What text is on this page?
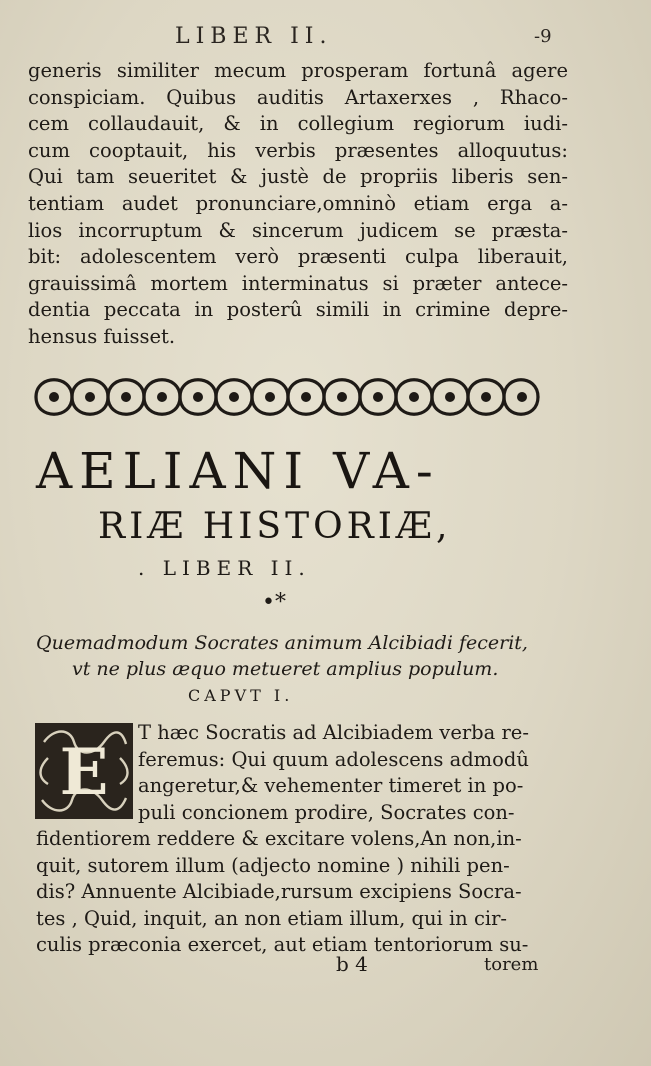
LIBER II.	-9
generis similiter mecum prosperam fortunâ agere
conspiciam. Quibus auditis Artaxerxes , Rhaco-
cem collaudauit, & in collegium regiorum iudi-
cum cooptauit, his verbis præsentes alloquutus:
Qui tam seueritet & justè de propriis liberis sen-
tentiam audet pronunciare,omninò etiam erga a-
lios incorruptum & sincerum judicem se præsta-
bit: adolescentem verò præsenti culpa liberauit,
grauissimâ mortem interminatus si præter antece-
dentia peccata in posterû simili in crimine depre-
hensus fuisset.
AELIANI VA-
RIÆ HISTORIÆ,
. LIBER II.
•*
Quemadmodum Socrates animum Alcibiadi fecerit,
vt ne plus æquo metueret amplius populum.
CAPVT I.
E
T hæc Socratis ad Alcibiadem verba re-
feremus: Qui quum adolescens admodû
angeretur,& vehementer timeret in po-
puli concionem prodire, Socrates con-
fidentiorem reddere & excitare volens,An non,in-
quit, sutorem illum (adjecto nomine ) nihili pen-
dis? Annuente Alcibiade,rursum excipiens Socra-
tes , Quid, inquit, an non etiam illum, qui in cir-
culis præconia exercet, aut etiam tentoriorum su-
b 4	torem
